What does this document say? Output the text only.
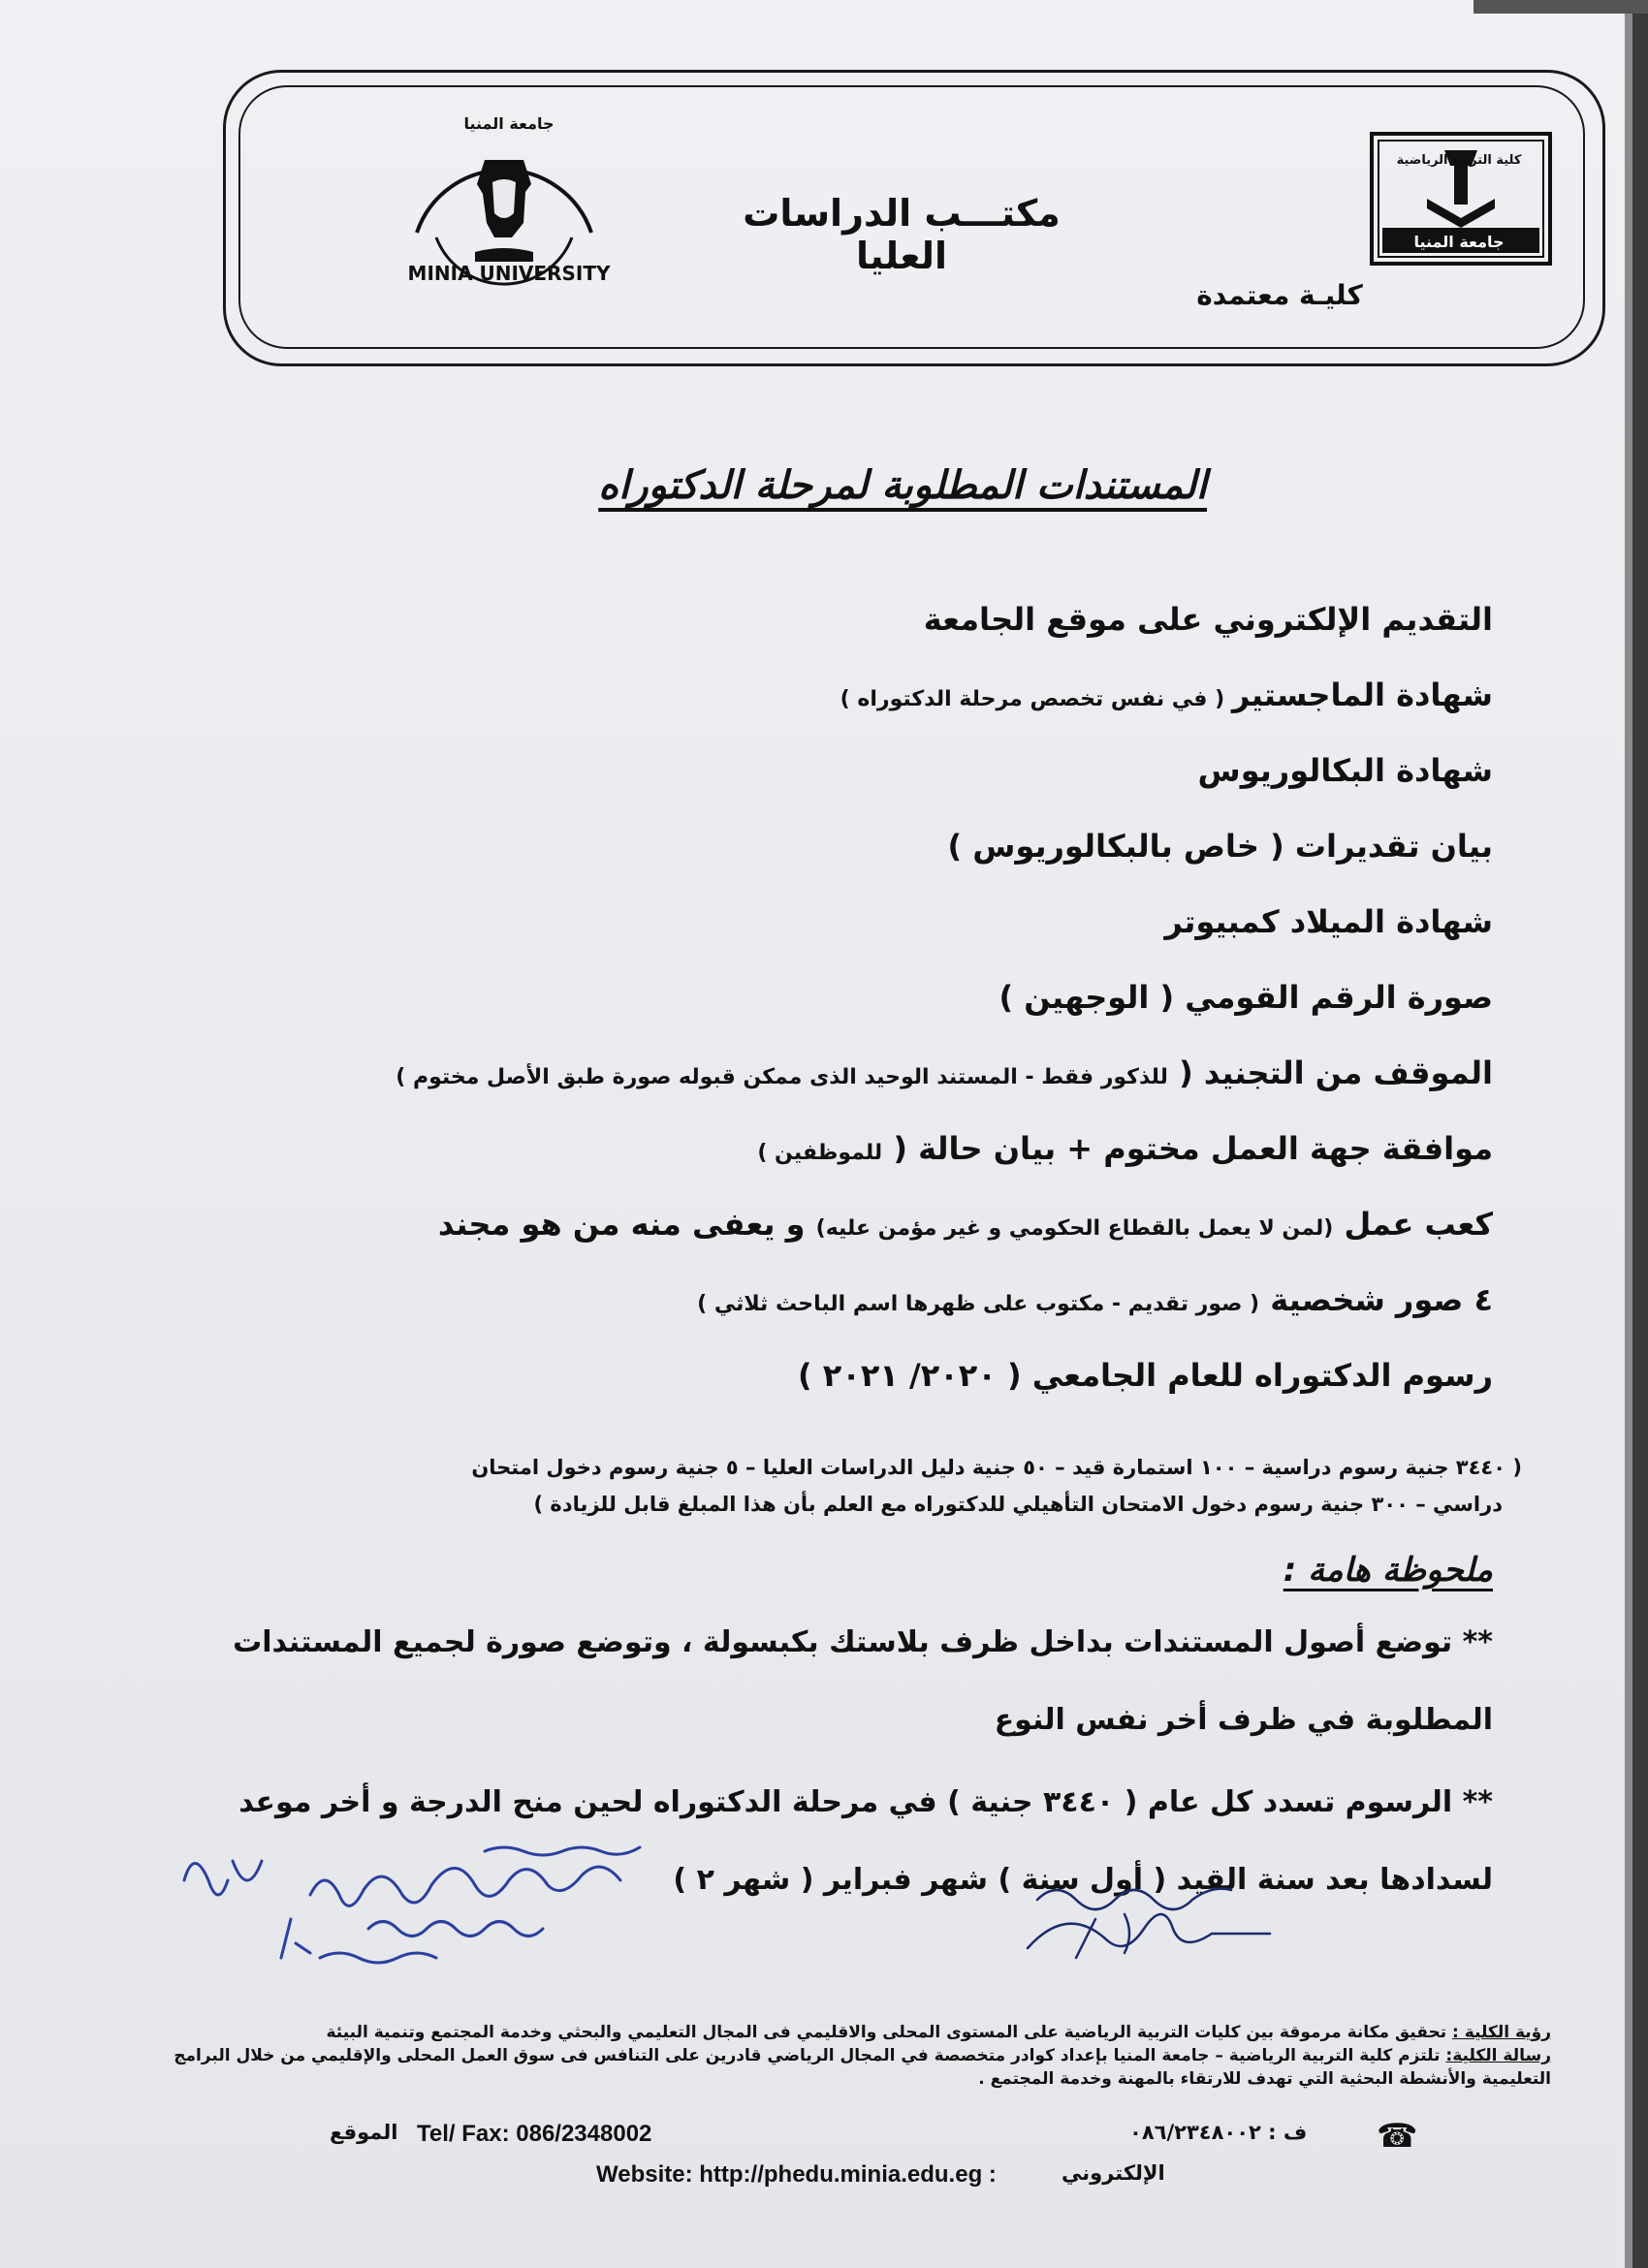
جامعة المنيا
MINIA UNIVERSITY
مكتـــب الدراسات العليا
كليـة معتمدة
كلية التربية الرياضية
جامعة المنيا
المستندات المطلوبة لمرحلة الدكتوراه
التقديم الإلكتروني على موقع الجامعة
شهادة الماجستير ( في نفس تخصص مرحلة الدكتوراه )
شهادة البكالوريوس
بيان تقديرات ( خاص بالبكالوريوس )
شهادة الميلاد كمبيوتر
صورة الرقم القومي ( الوجهين )
الموقف من التجنيد ( للذكور فقط - المستند الوحيد الذى ممكن قبوله صورة طبق الأصل مختوم )
موافقة جهة العمل مختوم + بيان حالة ( للموظفين )
كعب عمل (لمن لا يعمل بالقطاع الحكومي و غير مؤمن عليه) و يعفى منه من هو مجند
٤ صور شخصية ( صور تقديم - مكتوب على ظهرها اسم الباحث ثلاثي )
رسوم الدكتوراه للعام الجامعي ( ٢٠٢٠/ ٢٠٢١ )
( ٣٤٤٠ جنية رسوم دراسية – ١٠٠ استمارة قيد – ٥٠ جنية دليل الدراسات العليا – ٥ جنية رسوم دخول امتحان
دراسي – ٣٠٠ جنية رسوم دخول الامتحان التأهيلي للدكتوراه مع العلم بأن هذا المبلغ قابل للزيادة )
ملحوظة هامة :
** توضع أصول المستندات بداخل ظرف بلاستك بكبسولة ، وتوضع صورة لجميع المستندات المطلوبة في ظرف أخر نفس النوع
** الرسوم تسدد كل عام ( ٣٤٤٠ جنية ) في مرحلة الدكتوراه لحين منح الدرجة و أخر موعد لسدادها بعد سنة القيد ( أول سنة ) شهر فبراير ( شهر ٢ )
رؤية الكلية : تحقيق مكانة مرموقة بين كليات التربية الرياضية على المستوى المحلى والاقليمي فى المجال التعليمي والبحثي وخدمة المجتمع وتنمية البيئة
رسالة الكلية: تلتزم كلية التربية الرياضية – جامعة المنيا بإعداد كوادر متخصصة في المجال الرياضي قادرين على التنافس فى سوق العمل المحلى والإقليمي من خلال البرامج التعليمية والأنشطة البحثية التي تهدف للارتقاء بالمهنة وخدمة المجتمع .
الموقع Tel/ Fax: 086/2348002	ف : ٠٨٦/٢٣٤٨٠٠٢ ☎
Website: http://phedu.minia.edu.eg :	الإلكتروني
